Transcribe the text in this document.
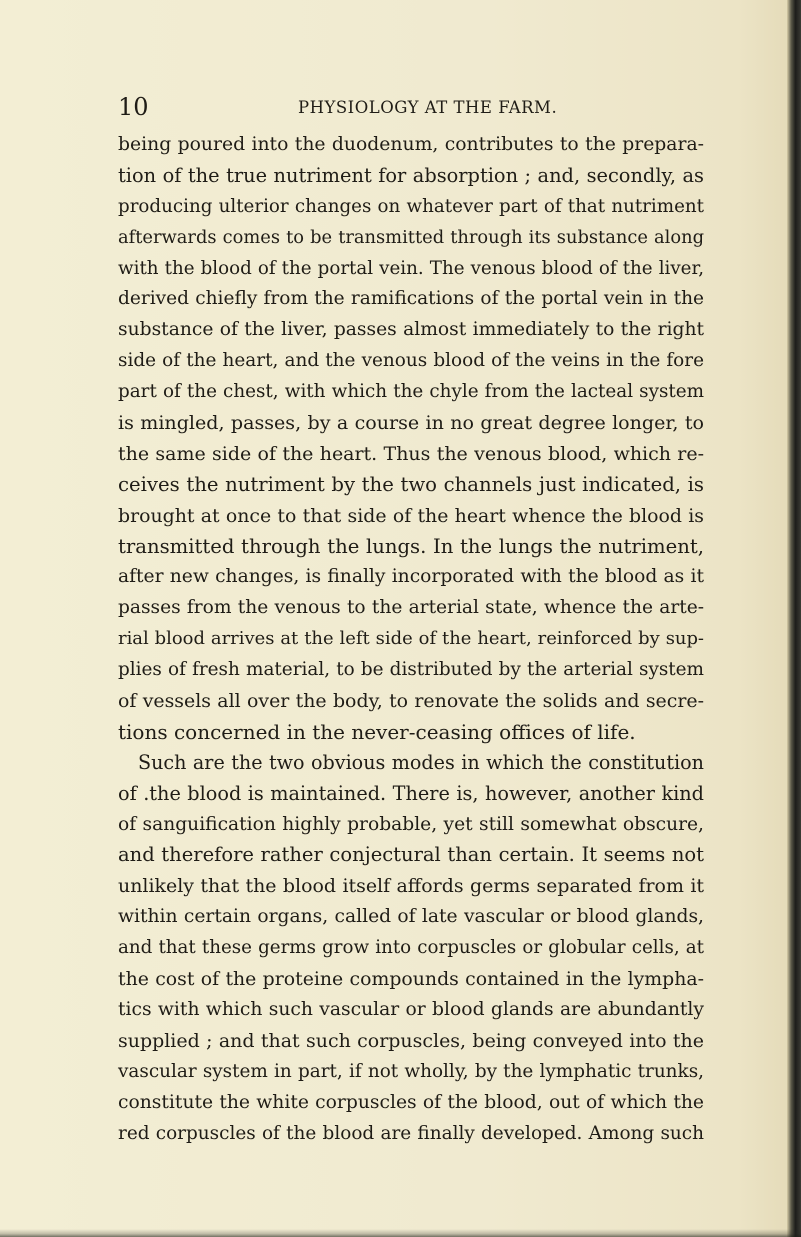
10	PHYSIOLOGY AT THE FARM.
being poured into the duodenum, contributes to the prepara-
tion of the true nutriment for absorption ; and, secondly, as
producing ulterior changes on whatever part of that nutriment
afterwards comes to be transmitted through its substance along
with the blood of the portal vein. The venous blood of the liver,
derived chiefly from the ramifications of the portal vein in the
substance of the liver, passes almost immediately to the right
side of the heart, and the venous blood of the veins in the fore
part of the chest, with which the chyle from the lacteal system
is mingled, passes, by a course in no great degree longer, to
the same side of the heart. Thus the venous blood, which re-
ceives the nutriment by the two channels just indicated, is
brought at once to that side of the heart whence the blood is
transmitted through the lungs. In the lungs the nutriment,
after new changes, is finally incorporated with the blood as it
passes from the venous to the arterial state, whence the arte-
rial blood arrives at the left side of the heart, reinforced by sup-
plies of fresh material, to be distributed by the arterial system
of vessels all over the body, to renovate the solids and secre-
tions concerned in the never-ceasing offices of life.
Such are the two obvious modes in which the constitution
of .the blood is maintained. There is, however, another kind
of sanguification highly probable, yet still somewhat obscure,
and therefore rather conjectural than certain. It seems not
unlikely that the blood itself affords germs separated from it
within certain organs, called of late vascular or blood glands,
and that these germs grow into corpuscles or globular cells, at
the cost of the proteine compounds contained in the lympha-
tics with which such vascular or blood glands are abundantly
supplied ; and that such corpuscles, being conveyed into the
vascular system in part, if not wholly, by the lymphatic trunks,
constitute the white corpuscles of the blood, out of which the
red corpuscles of the blood are finally developed. Among such
